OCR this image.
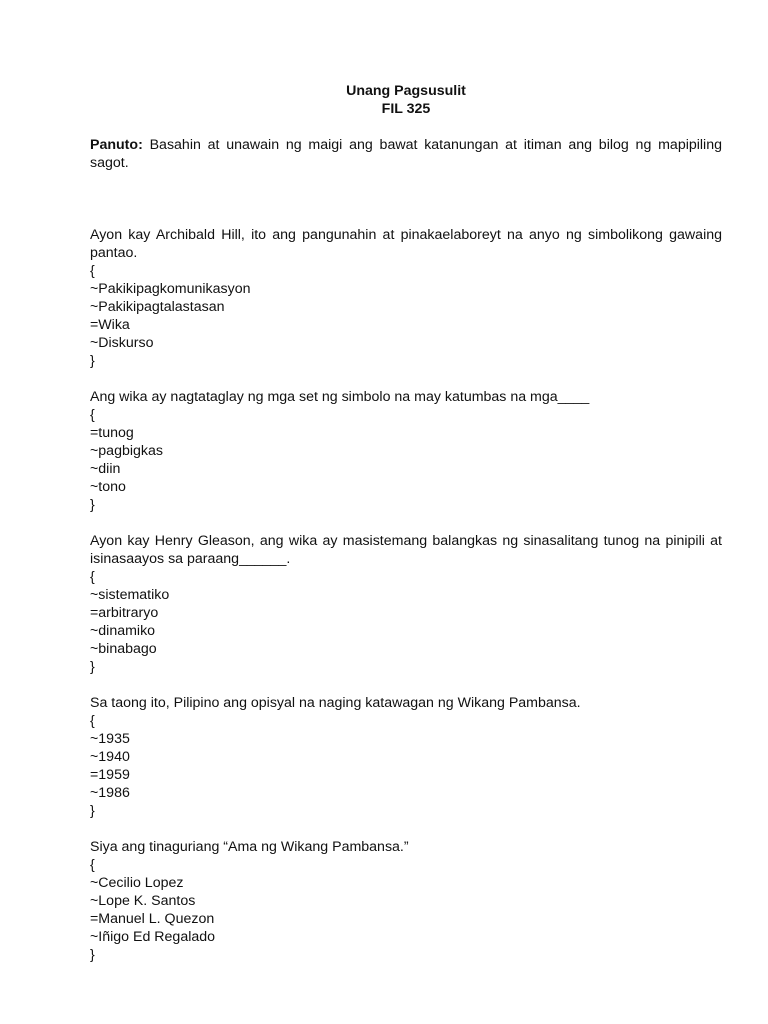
Unang Pagsusulit
FIL 325
Panuto: Basahin at unawain ng maigi ang bawat katanungan at itiman ang bilog ng mapipiling sagot.
Ayon kay Archibald Hill, ito ang pangunahin at pinakaelaboreyt na anyo ng simbolikong gawaing pantao.
{
~Pakikipagkomunikasyon
~Pakikipagtalastasan
=Wika
~Diskurso
}
Ang wika ay nagtataglay ng mga set ng simbolo na may katumbas na mga____
{
=tunog
~pagbigkas
~diin
~tono
}
Ayon kay Henry Gleason, ang wika ay masistemang balangkas ng sinasalitang tunog na pinipili at isinasaayos sa paraang______.
{
~sistematiko
=arbitraryo
~dinamiko
~binabago
}
Sa taong ito, Pilipino ang opisyal na naging katawagan ng Wikang Pambansa.
{
~1935
~1940
=1959
~1986
}
Siya ang tinaguriang “Ama ng Wikang Pambansa.”
{
~Cecilio Lopez
~Lope K. Santos
=Manuel L. Quezon
~Iñigo Ed Regalado
}
